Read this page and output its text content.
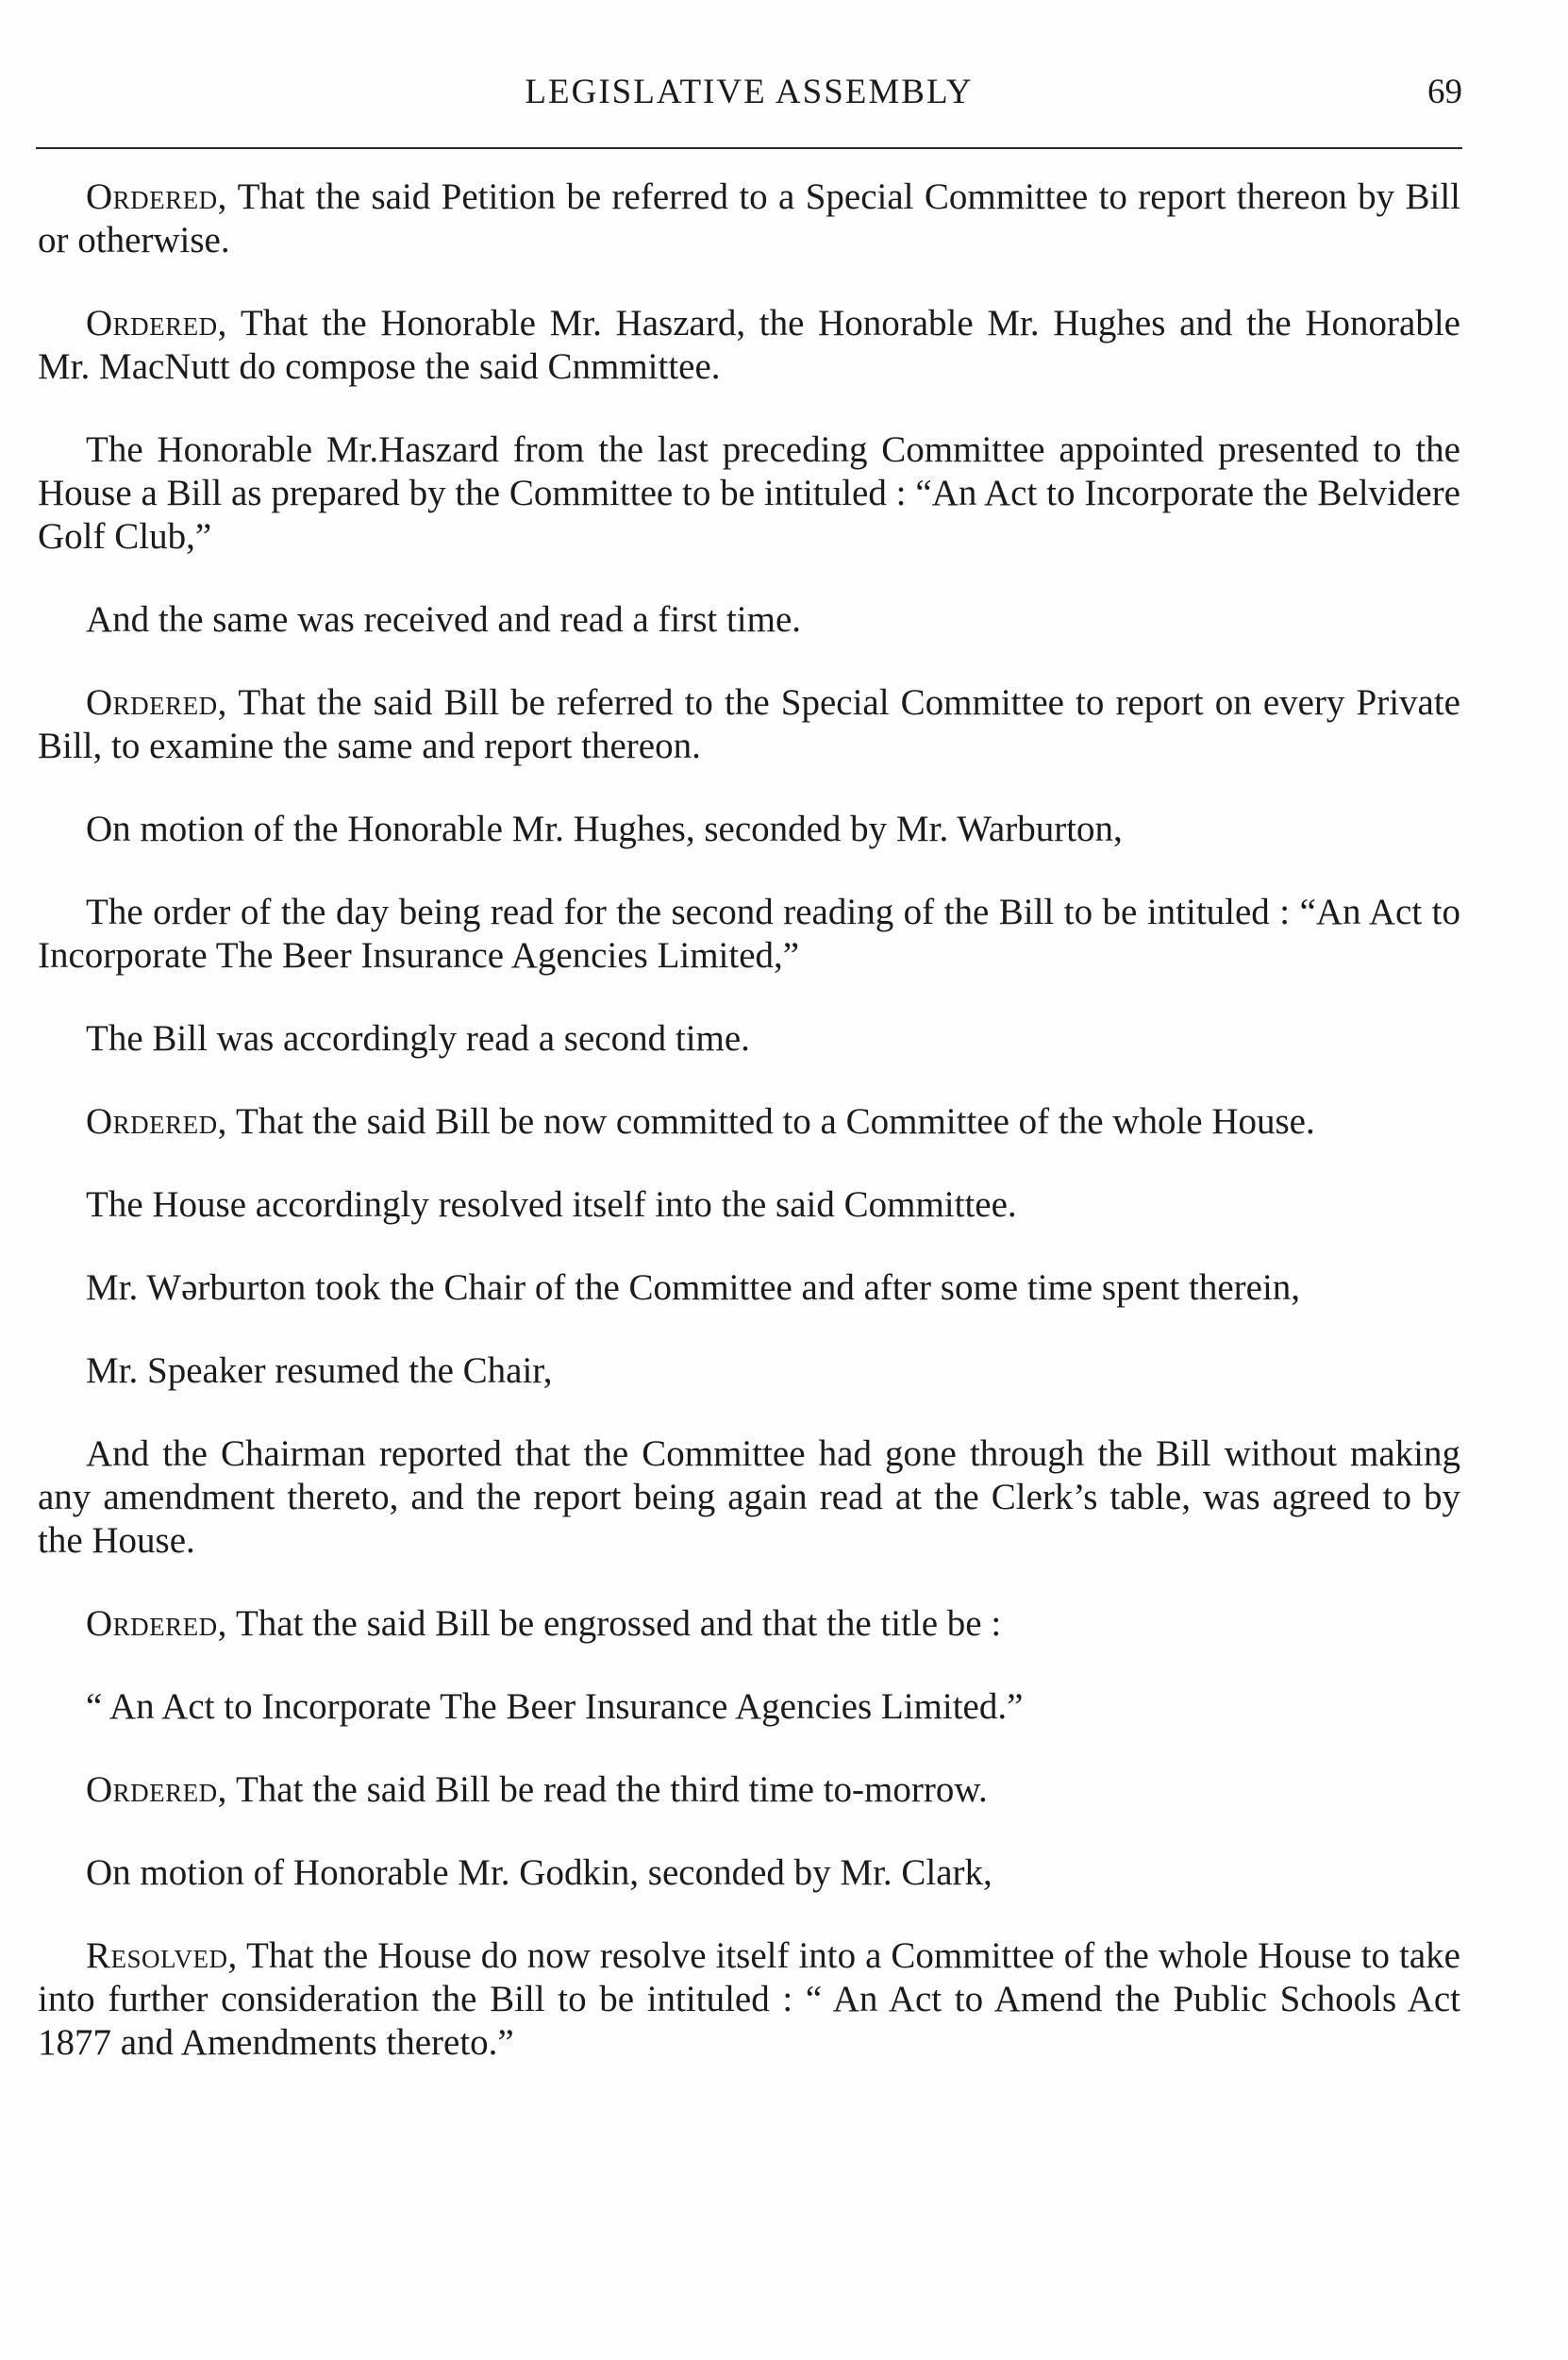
LEGISLATIVE ASSEMBLY	69

Ordered, That the said Petition be referred to a Special Committee to report thereon by Bill or otherwise.

Ordered, That the Honorable Mr. Haszard, the Honorable Mr. Hughes and the Honorable Mr. MacNutt do compose the said Cnmmittee.

The Honorable Mr.Haszard from the last preceding Committee appointed presented to the House a Bill as prepared by the Committee to be intituled : “An Act to Incorporate the Belvidere Golf Club,”

And the same was received and read a first time.

Ordered, That the said Bill be referred to the Special Committee to report on every Private Bill, to examine the same and report thereon.

On motion of the Honorable Mr. Hughes, seconded by Mr. Warburton,

The order of the day being read for the second reading of the Bill to be intituled : “An Act to Incorporate The Beer Insurance Agencies Limited,”

The Bill was accordingly read a second time.

Ordered, That the said Bill be now committed to a Committee of the whole House.

The House accordingly resolved itself into the said Committee.

Mr. Wərburton took the Chair of the Committee and after some time spent therein,

Mr. Speaker resumed the Chair,

And the Chairman reported that the Committee had gone through the Bill without making any amendment thereto, and the report being again read at the Clerk’s table, was agreed to by the House.

Ordered, That the said Bill be engrossed and that the title be :

“ An Act to Incorporate The Beer Insurance Agencies Limited.”

Ordered, That the said Bill be read the third time to-morrow.

On motion of Honorable Mr. Godkin, seconded by Mr. Clark,

Resolved, That the House do now resolve itself into a Committee of the whole House to take into further consideration the Bill to be intituled : “ An Act to Amend the Public Schools Act 1877 and Amendments thereto.”
